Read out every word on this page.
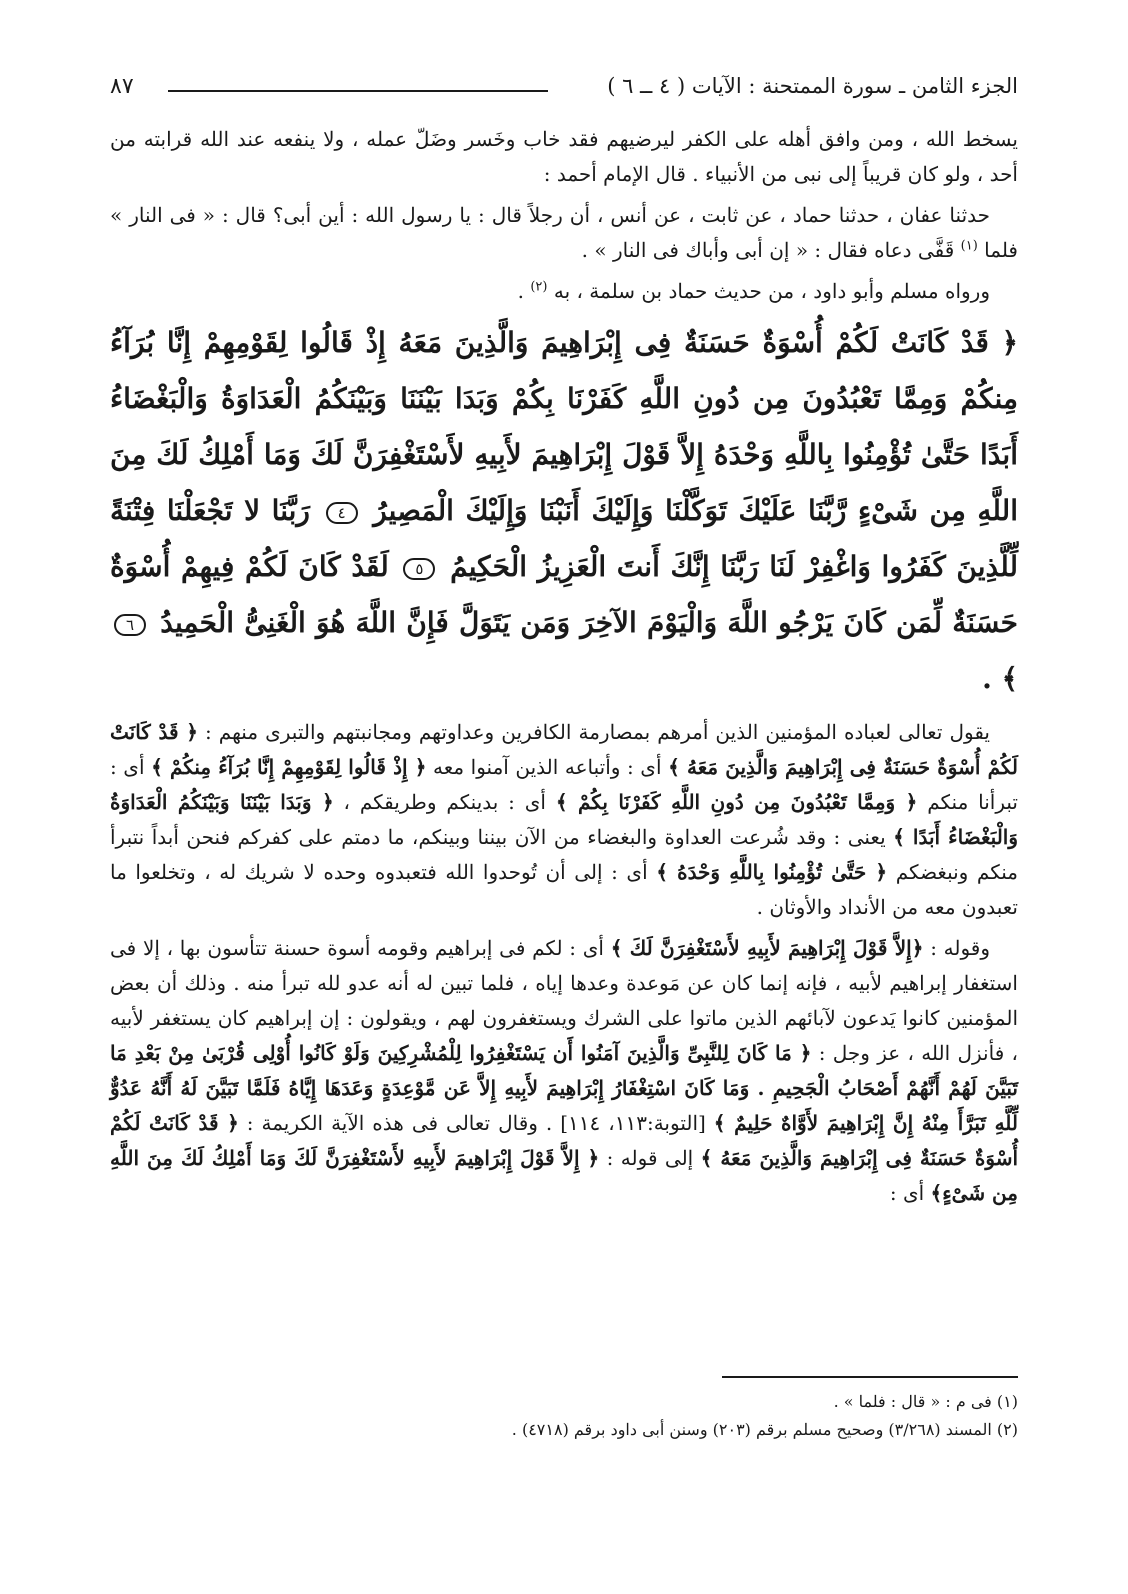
الجزء الثامن ـ سورة الممتحنة : الآيات ( ٤ ــ ٦ )
٨٧

يسخط الله ، ومن وافق أهله على الكفر ليرضيهم فقد خاب وخَسر وضَلّ عمله ، ولا ينفعه عند الله قرابته من أحد ، ولو كان قريباً إلى نبى من الأنبياء . قال الإمام أحمد :

حدثنا عفان ، حدثنا حماد ، عن ثابت ، عن أنس ، أن رجلاً قال : يا رسول الله : أين أبى؟ قال : « فى النار » فلما $^{(١)}$ قَفَّى دعاه فقال : « إن أبى وأباك فى النار » .

ورواه مسلم وأبو داود ، من حديث حماد بن سلمة ، به $^{(٢)}$ .

﴿ قَدْ كَانَتْ لَكُمْ أُسْوَةٌ حَسَنَةٌ فِى إِبْرَاهِيمَ وَالَّذِينَ مَعَهُ إِذْ قَالُوا لِقَوْمِهِمْ إِنَّا بُرَآءُ مِنكُمْ وَمِمَّا تَعْبُدُونَ مِن دُونِ اللَّهِ كَفَرْنَا بِكُمْ وَبَدَا بَيْنَنَا وَبَيْنَكُمُ الْعَدَاوَةُ وَالْبَغْضَاءُ أَبَدًا حَتَّىٰ تُؤْمِنُوا بِاللَّهِ وَحْدَهُ إِلاَّ قَوْلَ إِبْرَاهِيمَ لأَبِيهِ لأَسْتَغْفِرَنَّ لَكَ وَمَا أَمْلِكُ لَكَ مِنَ اللَّهِ مِن شَىْءٍ رَّبَّنَا عَلَيْكَ تَوَكَّلْنَا وَإِلَيْكَ أَنَبْنَا وَإِلَيْكَ الْمَصِيرُ ٤ رَبَّنَا لا تَجْعَلْنَا فِتْنَةً لِّلَّذِينَ كَفَرُوا وَاغْفِرْ لَنَا رَبَّنَا إِنَّكَ أَنتَ الْعَزِيزُ الْحَكِيمُ ٥ لَقَدْ كَانَ لَكُمْ فِيهِمْ أُسْوَةٌ حَسَنَةٌ لِّمَن كَانَ يَرْجُو اللَّهَ وَالْيَوْمَ الآخِرَ وَمَن يَتَوَلَّ فَإِنَّ اللَّهَ هُوَ الْغَنِىُّ الْحَمِيدُ ٦ ﴾ .

يقول تعالى لعباده المؤمنين الذين أمرهم بمصارمة الكافرين وعداوتهم ومجانبتهم والتبرى منهم : ﴿ قَدْ كَانَتْ لَكُمْ أُسْوَةٌ حَسَنَةٌ فِى إِبْرَاهِيمَ وَالَّذِينَ مَعَهُ ﴾ أى : وأتباعه الذين آمنوا معه ﴿ إِذْ قَالُوا لِقَوْمِهِمْ إِنَّا بُرَآءُ مِنكُمْ ﴾ أى : تبرأنا منكم ﴿ وَمِمَّا تَعْبُدُونَ مِن دُونِ اللَّهِ كَفَرْنَا بِكُمْ ﴾ أى : بدينكم وطريقكم ، ﴿ وَبَدَا بَيْنَنَا وَبَيْنَكُمُ الْعَدَاوَةُ وَالْبَغْضَاءُ أَبَدًا ﴾ يعنى : وقد شُرعت العداوة والبغضاء من الآن بيننا وبينكم، ما دمتم على كفركم فنحن أبداً نتبرأ منكم ونبغضكم ﴿ حَتَّىٰ تُؤْمِنُوا بِاللَّهِ وَحْدَهُ ﴾ أى : إلى أن تُوحدوا الله فتعبدوه وحده لا شريك له ، وتخلعوا ما تعبدون معه من الأنداد والأوثان .

وقوله : ﴿إِلاَّ قَوْلَ إِبْرَاهِيمَ لأَبِيهِ لأَسْتَغْفِرَنَّ لَكَ ﴾ أى : لكم فى إبراهيم وقومه أسوة حسنة تتأسون بها ، إلا فى استغفار إبراهيم لأبيه ، فإنه إنما كان عن مَوعدة وعدها إياه ، فلما تبين له أنه عدو لله تبرأ منه . وذلك أن بعض المؤمنين كانوا يَدعون لآبائهم الذين ماتوا على الشرك ويستغفرون لهم ، ويقولون : إن إبراهيم كان يستغفر لأبيه ، فأنزل الله ، عز وجل : ﴿ مَا كَانَ لِلنَّبِىِّ وَالَّذِينَ آمَنُوا أَن يَسْتَغْفِرُوا لِلْمُشْرِكِينَ وَلَوْ كَانُوا أُوْلِى قُرْبَىٰ مِنْ بَعْدِ مَا تَبَيَّنَ لَهُمْ أَنَّهُمْ أَصْحَابُ الْجَحِيمِ . وَمَا كَانَ اسْتِغْفَارُ إِبْرَاهِيمَ لأَبِيهِ إِلاَّ عَن مَّوْعِدَةٍ وَعَدَهَا إِيَّاهُ فَلَمَّا تَبَيَّنَ لَهُ أَنَّهُ عَدُوٌّ لِّلَّهِ تَبَرَّأَ مِنْهُ إِنَّ إِبْرَاهِيمَ لأَوَّاهٌ حَلِيمٌ ﴾ [التوبة:١١٣، ١١٤] . وقال تعالى فى هذه الآية الكريمة : ﴿ قَدْ كَانَتْ لَكُمْ أُسْوَةٌ حَسَنَةٌ فِى إِبْرَاهِيمَ وَالَّذِينَ مَعَهُ ﴾ إلى قوله : ﴿ إِلاَّ قَوْلَ إِبْرَاهِيمَ لأَبِيهِ لأَسْتَغْفِرَنَّ لَكَ وَمَا أَمْلِكُ لَكَ مِنَ اللَّهِ مِن شَىْءٍ﴾ أى :

(١) فى م : « قال : فلما » .
(٢) المسند (٣/٢٦٨) وصحيح مسلم برقم (٢٠٣) وسنن أبى داود برقم (٤٧١٨) .
